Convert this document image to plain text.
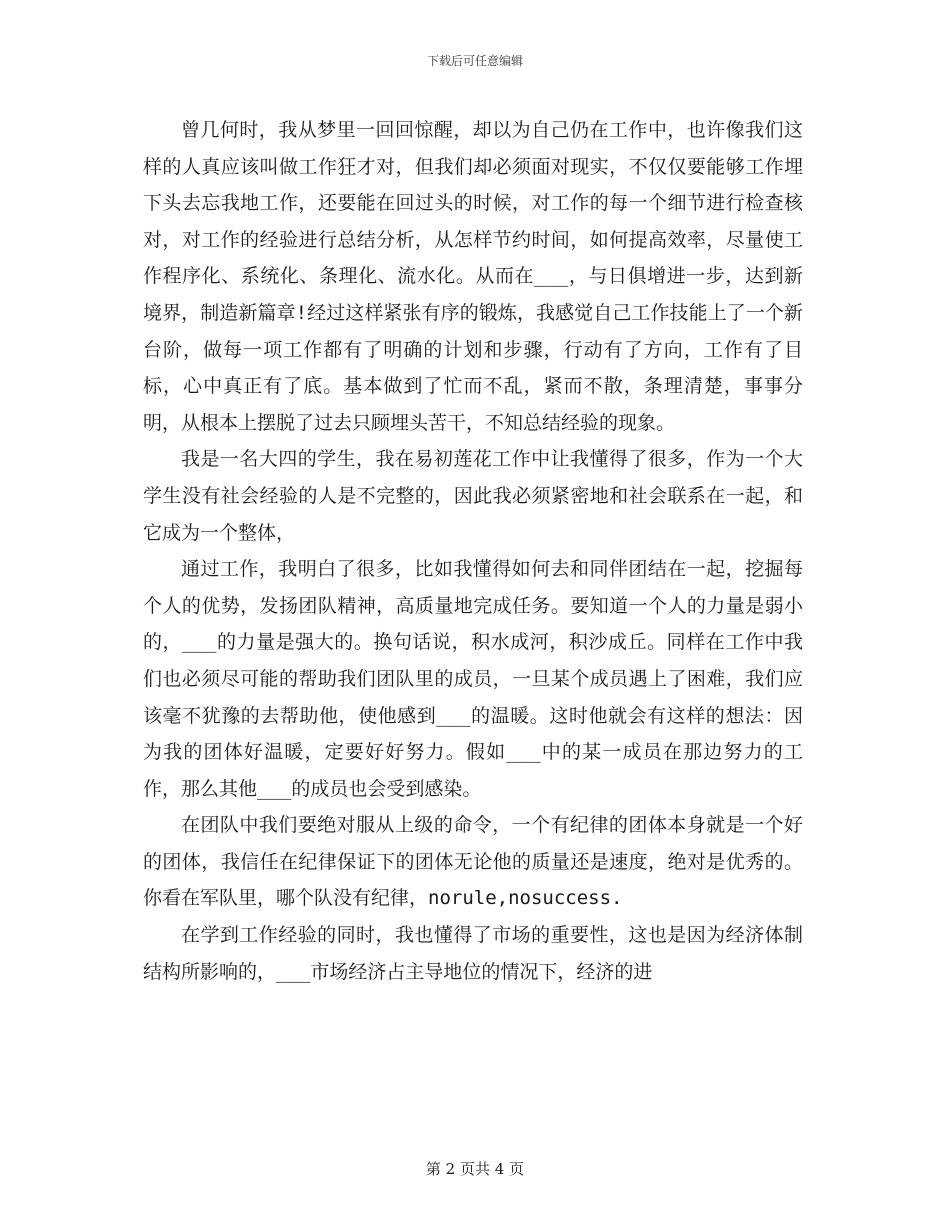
下载后可任意编辑

曾几何时，我从梦里一回回惊醒，却以为自己仍在工作中，也许像我们这样的人真应该叫做工作狂才对，但我们却必须面对现实，不仅仅要能够工作埋下头去忘我地工作，还要能在回过头的时候，对工作的每一个细节进行检查核对，对工作的经验进行总结分析，从怎样节约时间，如何提高效率，尽量使工作程序化、系统化、条理化、流水化。从而在___，与日俱增进一步，达到新境界，制造新篇章!经过这样紧张有序的锻炼，我感觉自己工作技能上了一个新台阶，做每一项工作都有了明确的计划和步骤，行动有了方向，工作有了目标，心中真正有了底。基本做到了忙而不乱，紧而不散，条理清楚，事事分明，从根本上摆脱了过去只顾埋头苦干，不知总结经验的现象。

我是一名大四的学生，我在易初莲花工作中让我懂得了很多，作为一个大学生没有社会经验的人是不完整的，因此我必须紧密地和社会联系在一起，和它成为一个整体，

通过工作，我明白了很多，比如我懂得如何去和同伴团结在一起，挖掘每个人的优势，发扬团队精神，高质量地完成任务。要知道一个人的力量是弱小的，___的力量是强大的。换句话说，积水成河，积沙成丘。同样在工作中我们也必须尽可能的帮助我们团队里的成员，一旦某个成员遇上了困难，我们应该毫不犹豫的去帮助他，使他感到___的温暖。这时他就会有这样的想法：因为我的团体好温暖，定要好好努力。假如___中的某一成员在那边努力的工作，那么其他___的成员也会受到感染。

在团队中我们要绝对服从上级的命令，一个有纪律的团体本身就是一个好的团体，我信任在纪律保证下的团体无论他的质量还是速度，绝对是优秀的。你看在军队里，哪个队没有纪律，norule,nosuccess.

在学到工作经验的同时，我也懂得了市场的重要性，这也是因为经济体制结构所影响的，___市场经济占主导地位的情况下，经济的进

第 2 页共 4 页
